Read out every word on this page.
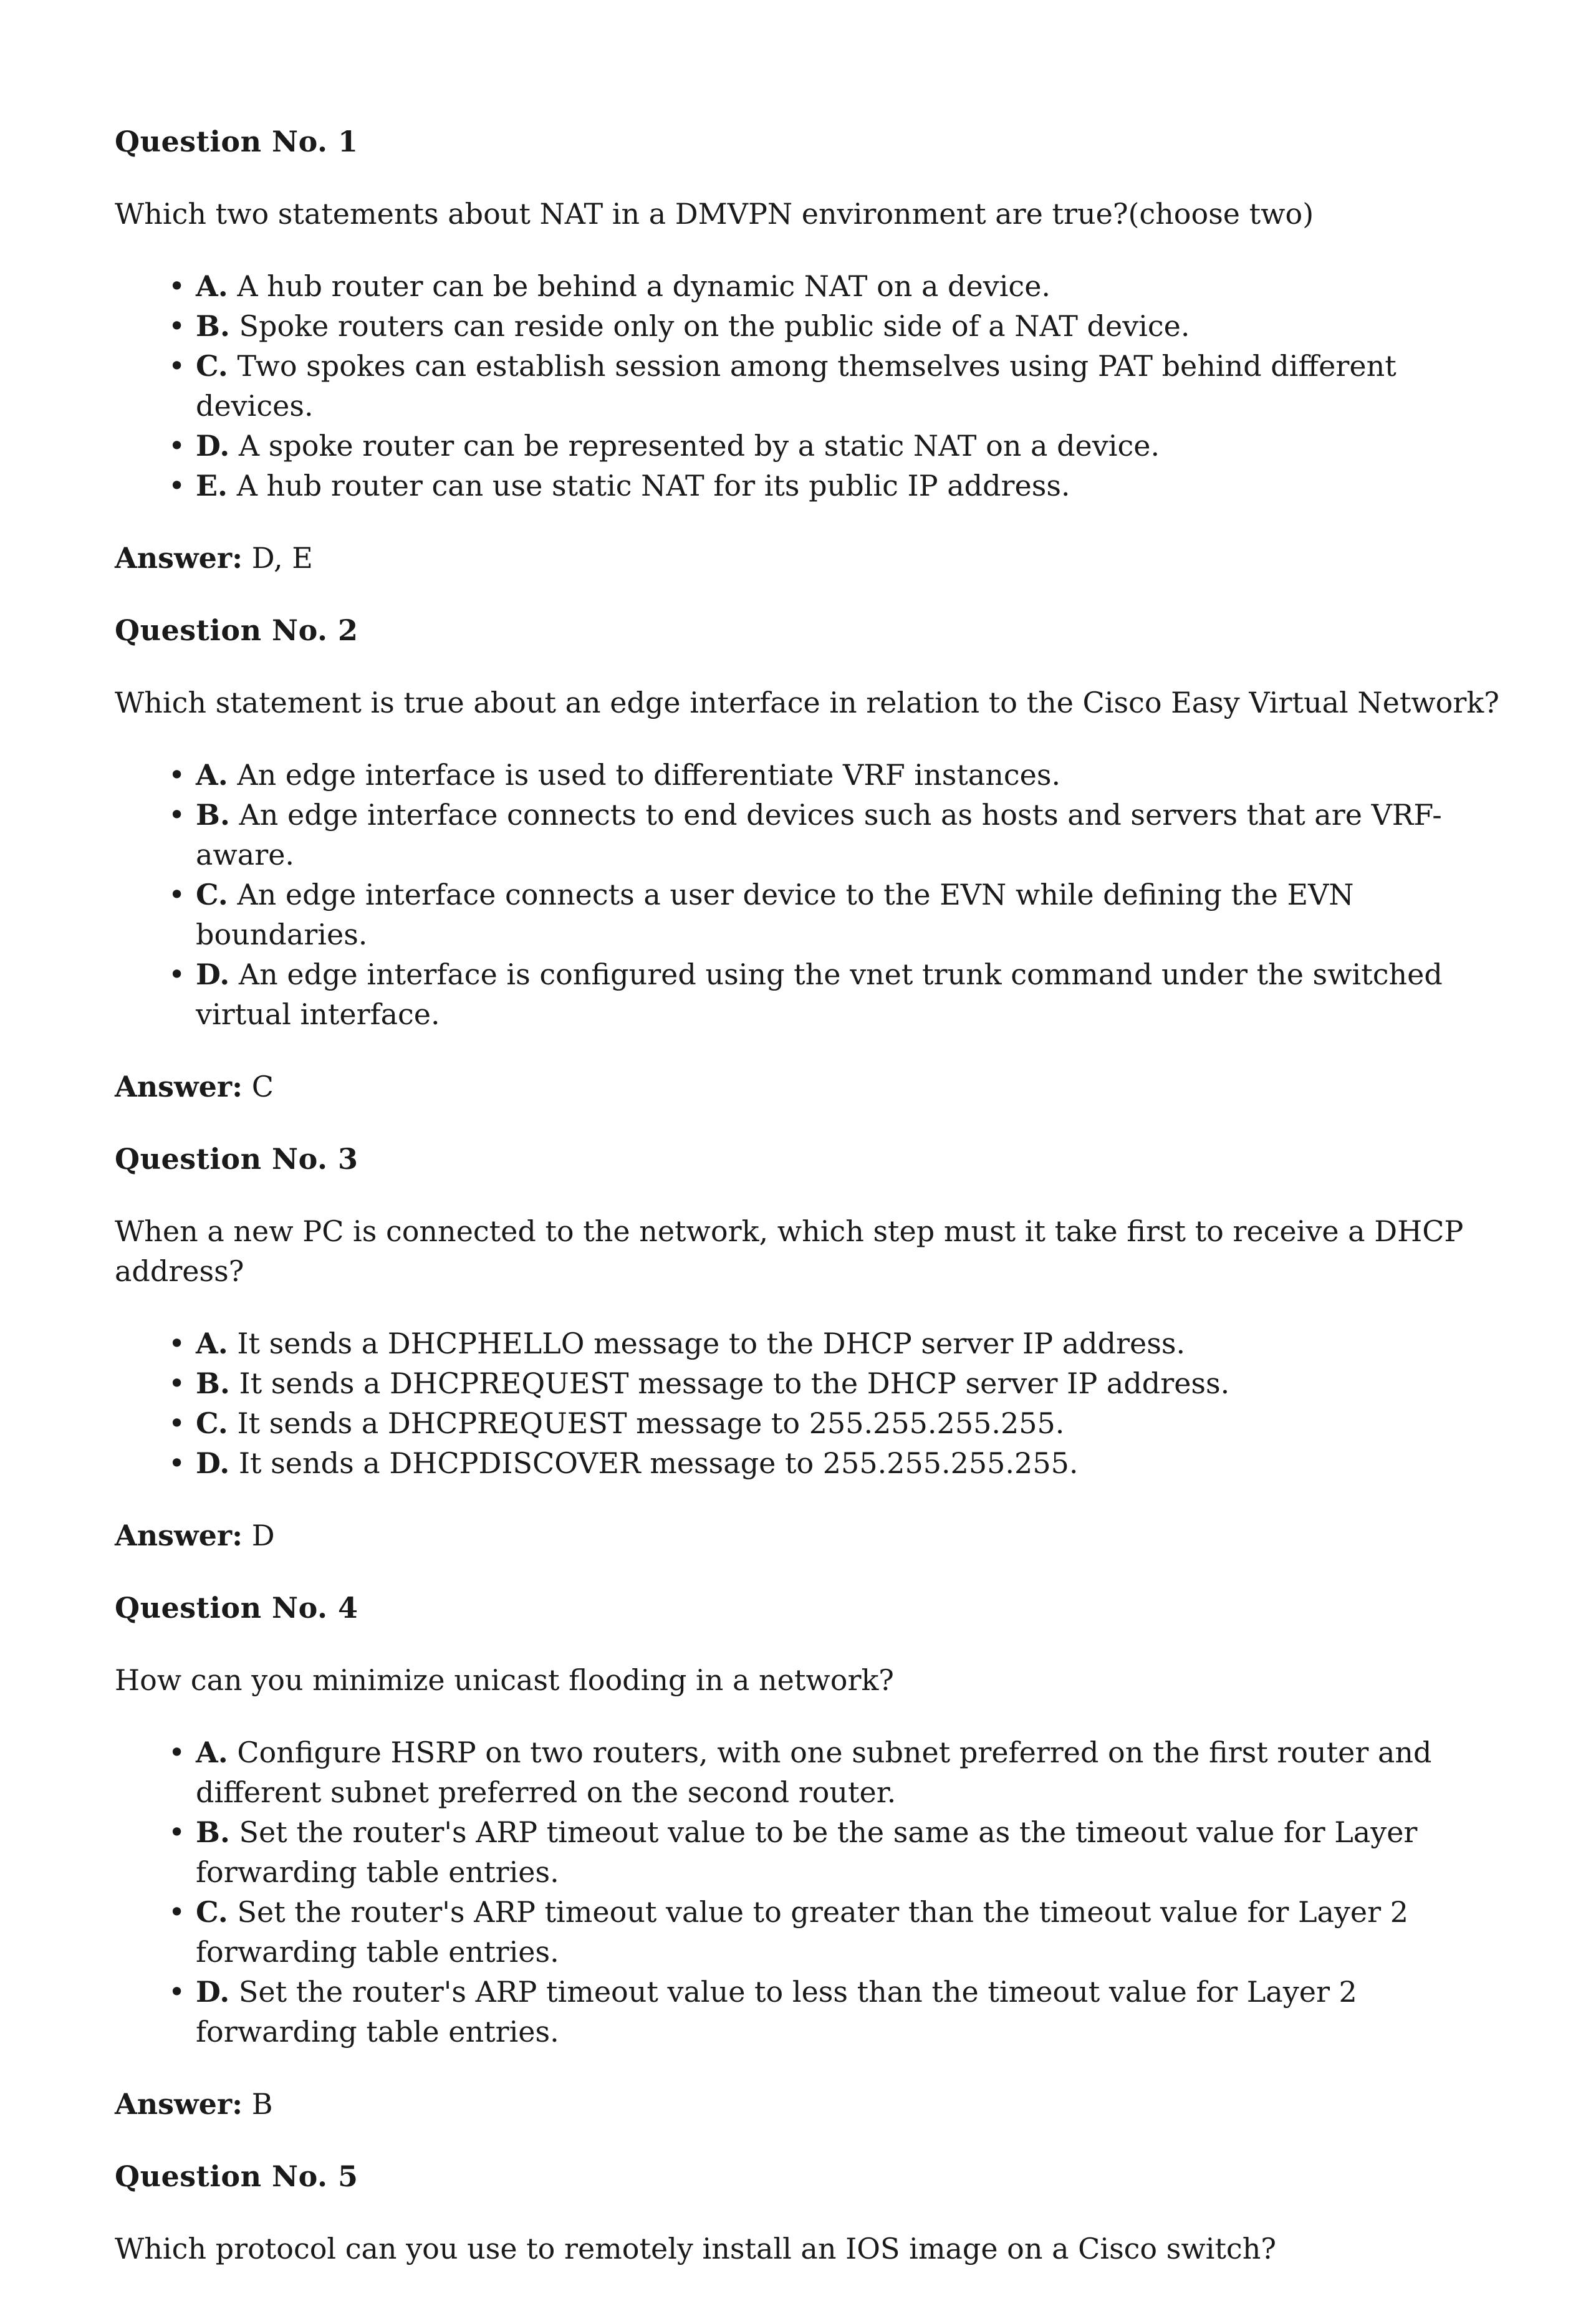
Question No. 1
Which two statements about NAT in a DMVPN environment are true?(choose two)
• A. A hub router can be behind a dynamic NAT on a device.
• B. Spoke routers can reside only on the public side of a NAT device.
• C. Two spokes can establish session among themselves using PAT behind different devices.
• D. A spoke router can be represented by a static NAT on a device.
• E. A hub router can use static NAT for its public IP address.
Answer: D, E
Question No. 2
Which statement is true about an edge interface in relation to the Cisco Easy Virtual Network?
• A. An edge interface is used to differentiate VRF instances.
• B. An edge interface connects to end devices such as hosts and servers that are VRF-aware.
• C. An edge interface connects a user device to the EVN while defining the EVN boundaries.
• D. An edge interface is configured using the vnet trunk command under the switched virtual interface.
Answer: C
Question No. 3
When a new PC is connected to the network, which step must it take first to receive a DHCP address?
• A. It sends a DHCPHELLO message to the DHCP server IP address.
• B. It sends a DHCPREQUEST message to the DHCP server IP address.
• C. It sends a DHCPREQUEST message to 255.255.255.255.
• D. It sends a DHCPDISCOVER message to 255.255.255.255.
Answer: D
Question No. 4
How can you minimize unicast flooding in a network?
• A. Configure HSRP on two routers, with one subnet preferred on the first router and different subnet preferred on the second router.
• B. Set the router's ARP timeout value to be the same as the timeout value for Layer forwarding table entries.
• C. Set the router's ARP timeout value to greater than the timeout value for Layer 2 forwarding table entries.
• D. Set the router's ARP timeout value to less than the timeout value for Layer 2 forwarding table entries.
Answer: B
Question No. 5
Which protocol can you use to remotely install an IOS image on a Cisco switch?
